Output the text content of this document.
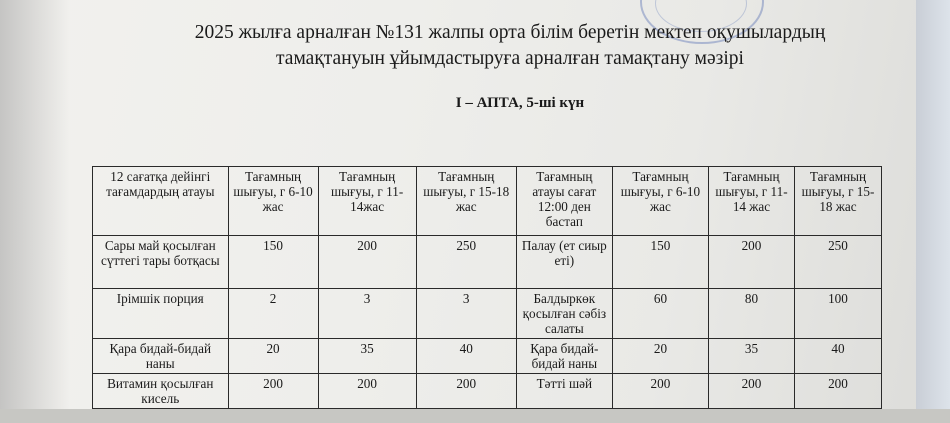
2025 жылға арналған №131 жалпы орта білім беретін мектеп оқушылардың тамақтануын ұйымдастыруға арналған тамақтану мәзірі
I – АПТА, 5-ші күн
12 сағатқа дейінгі тағамдардың атауы	Тағамның шығуы, г 6-10 жас	Тағамның шығуы, г 11-14жас	Тағамның шығуы, г 15-18 жас	Тағамның атауы сағат 12:00 ден бастап	Тағамның шығуы, г 6-10 жас	Тағамның шығуы, г 11-14 жас	Тағамның шығуы, г 15-18 жас
Сары май қосылған сүттегі тары ботқасы	150	200	250	Палау (ет сиыр еті)	150	200	250
Ірімшік порция	2	3	3	Балдыркөк қосылған сәбіз салаты	60	80	100
Қара бидай-бидай наны	20	35	40	Қара бидай-бидай наны	20	35	40
Витамин қосылған кисель	200	200	200	Тәтті шәй	200	200	200
